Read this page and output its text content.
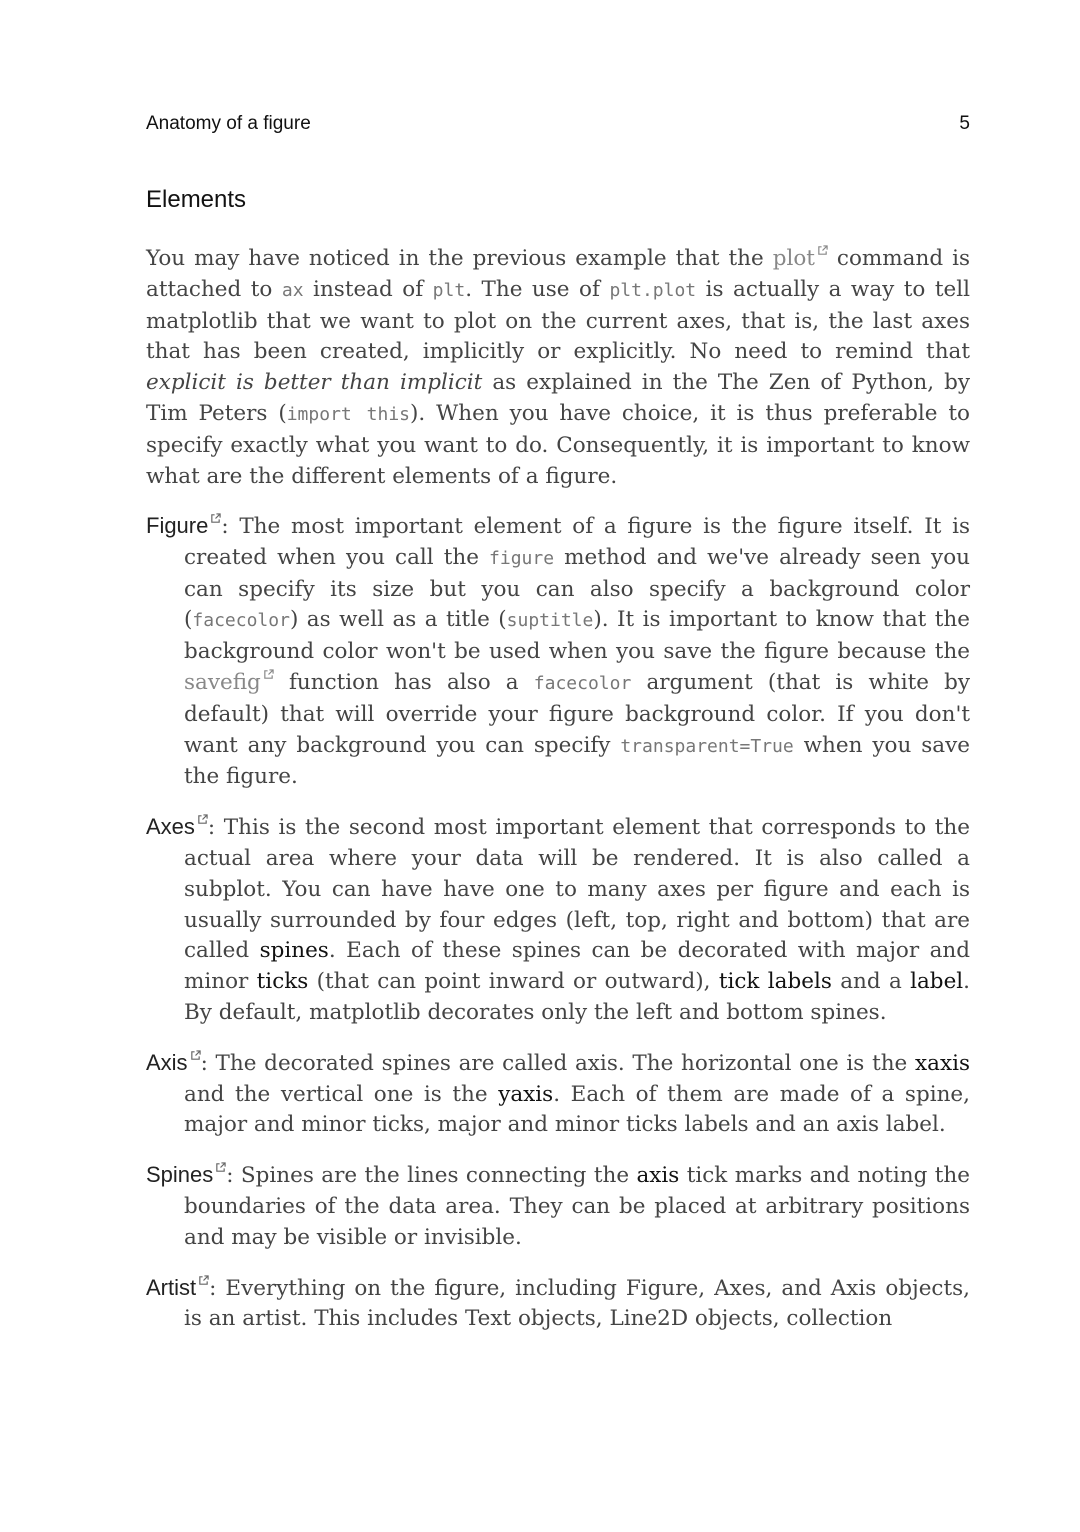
Anatomy of a figure	5
Elements

You may have noticed in the previous example that the plot command is attached to ax instead of plt. The use of plt.plot is actually a way to tell matplotlib that we want to plot on the current axes, that is, the last axes that has been created, implicitly or explicitly. No need to remind that explicit is better than implicit as explained in the The Zen of Python, by Tim Peters (import this). When you have choice, it is thus preferable to specify exactly what you want to do. Consequently, it is important to know what are the different elements of a figure.

Figure : The most important element of a figure is the figure itself. It is created when you call the figure method and we've already seen you can specify its size but you can also specify a background color (facecolor) as well as a title (suptitle). It is important to know that the background color won't be used when you save the figure because the savefig function has also a facecolor argument (that is white by default) that will override your figure background color. If you don't want any background you can specify transparent=True when you save the figure.
Axes : This is the second most important element that corresponds to the actual area where your data will be rendered. It is also called a subplot. You can have have one to many axes per figure and each is usually surrounded by four edges (left, top, right and bottom) that are called spines. Each of these spines can be decorated with major and minor ticks (that can point inward or outward), tick labels and a label. By default, matplotlib decorates only the left and bottom spines.
Axis : The decorated spines are called axis. The horizontal one is the xaxis and the vertical one is the yaxis. Each of them are made of a spine, major and minor ticks, major and minor ticks labels and an axis label.
Spines : Spines are the lines connecting the axis tick marks and noting the boundaries of the data area. They can be placed at arbitrary positions and may be visible or invisible.
Artist : Everything on the figure, including Figure, Axes, and Axis objects, is an artist. This includes Text objects, Line2D objects, collection
